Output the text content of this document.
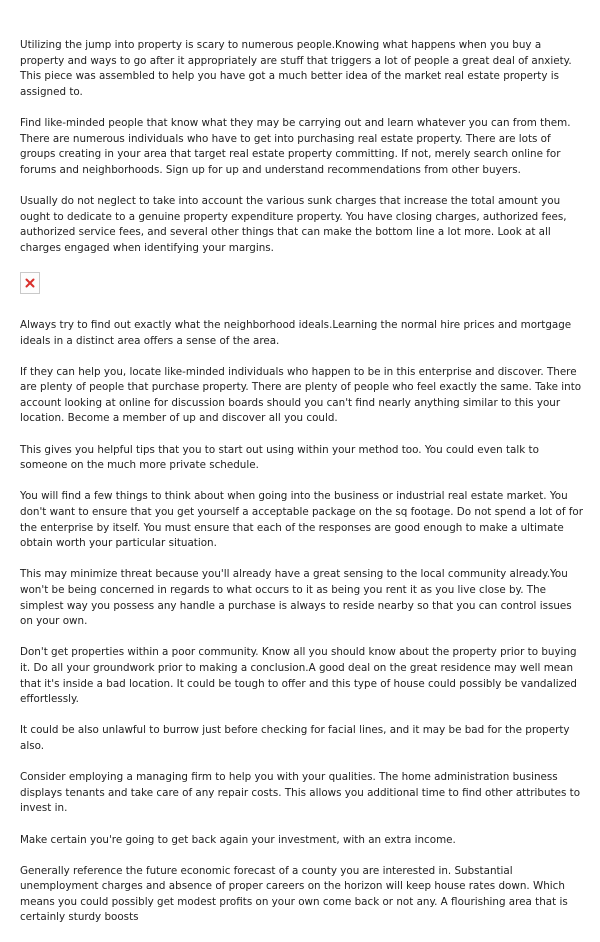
Utilizing the jump into property is scary to numerous people.Knowing what happens when you buy a property and ways to go after it appropriately are stuff that triggers a lot of people a great deal of anxiety. This piece was assembled to help you have got a much better idea of the market real estate property is assigned to.

Find like-minded people that know what they may be carrying out and learn whatever you can from them. There are numerous individuals who have to get into purchasing real estate property. There are lots of groups creating in your area that target real estate property committing. If not, merely search online for forums and neighborhoods. Sign up for up and understand recommendations from other buyers.

Usually do not neglect to take into account the various sunk charges that increase the total amount you ought to dedicate to a genuine property expenditure property. You have closing charges, authorized fees, authorized service fees, and several other things that can make the bottom line a lot more. Look at all charges engaged when identifying your margins.

Always try to find out exactly what the neighborhood ideals.Learning the normal hire prices and mortgage ideals in a distinct area offers a sense of the area.

If they can help you, locate like-minded individuals who happen to be in this enterprise and discover. There are plenty of people that purchase property. There are plenty of people who feel exactly the same. Take into account looking at online for discussion boards should you can't find nearly anything similar to this your location. Become a member of up and discover all you could.

This gives you helpful tips that you to start out using within your method too. You could even talk to someone on the much more private schedule.

You will find a few things to think about when going into the business or industrial real estate market. You don't want to ensure that you get yourself a acceptable package on the sq footage. Do not spend a lot of for the enterprise by itself. You must ensure that each of the responses are good enough to make a ultimate obtain worth your particular situation.

This may minimize threat because you'll already have a great sensing to the local community already.You won't be being concerned in regards to what occurs to it as being you rent it as you live close by. The simplest way you possess any handle a purchase is always to reside nearby so that you can control issues on your own.

Don't get properties within a poor community. Know all you should know about the property prior to buying it. Do all your groundwork prior to making a conclusion.A good deal on the great residence may well mean that it's inside a bad location. It could be tough to offer and this type of house could possibly be vandalized effortlessly.

It could be also unlawful to burrow just before checking for facial lines, and it may be bad for the property also.

Consider employing a managing firm to help you with your qualities. The home administration business displays tenants and take care of any repair costs. This allows you additional time to find other attributes to invest in.

Make certain you're going to get back again your investment, with an extra income.

Generally reference the future economic forecast of a county you are interested in. Substantial unemployment charges and absence of proper careers on the horizon will keep house rates down. Which means you could possibly get modest profits on your own come back or not any. A flourishing area that is certainly sturdy boosts
